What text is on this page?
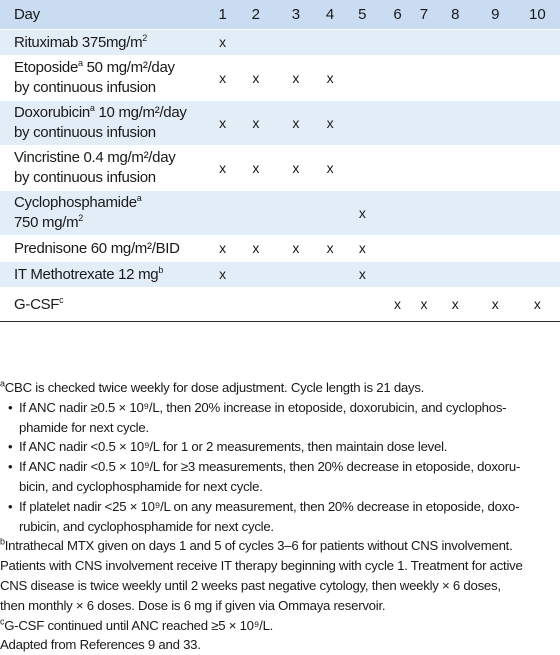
Day	1	2	3	4	5	6	7	8	9	10
Rituximab $375mg/m^2$	x									
Etoposide$^a$ 50 mg/m²/day
by continuous infusion	x	x	x	x						
Doxorubicin$^a$ 10 mg/m²/day
by continuous infusion	x	x	x	x						
Vincristine 0.4 mg/m²/day
by continuous infusion	x	x	x	x						
Cyclophosphamide$^a$
750 $mg/m^2$					x					
Prednisone 60 mg/m²/BID	x	x	x	x	x					
IT Methotrexate 12 $mg^b$	x				x					
G-CSF$^c$						x	x	x	x	x

$^a$CBC is checked twice weekly for dose adjustment. Cycle length is 21 days.

• If ANC nadir ≥0.5 × 10⁹/L, then 20% increase in etoposide, doxorubicin, and cyclophos-

phamide for next cycle.

• If ANC nadir <0.5 × 10⁹/L for 1 or 2 measurements, then maintain dose level.

• If ANC nadir <0.5 × 10⁹/L for ≥3 measurements, then 20% decrease in etoposide, doxoru-

bicin, and cyclophosphamide for next cycle.

• If platelet nadir <25 × 10⁹/L on any measurement, then 20% decrease in etoposide, doxo-

rubicin, and cyclophosphamide for next cycle.

$^b$Intrathecal MTX given on days 1 and 5 of cycles 3–6 for patients without CNS involvement.

Patients with CNS involvement receive IT therapy beginning with cycle 1. Treatment for active

CNS disease is twice weekly until 2 weeks past negative cytology, then weekly × 6 doses,

then monthly × 6 doses. Dose is 6 mg if given via Ommaya reservoir.

$^c$G-CSF continued until ANC reached ≥5 × 10⁹/L.

Adapted from References 9 and 33.
